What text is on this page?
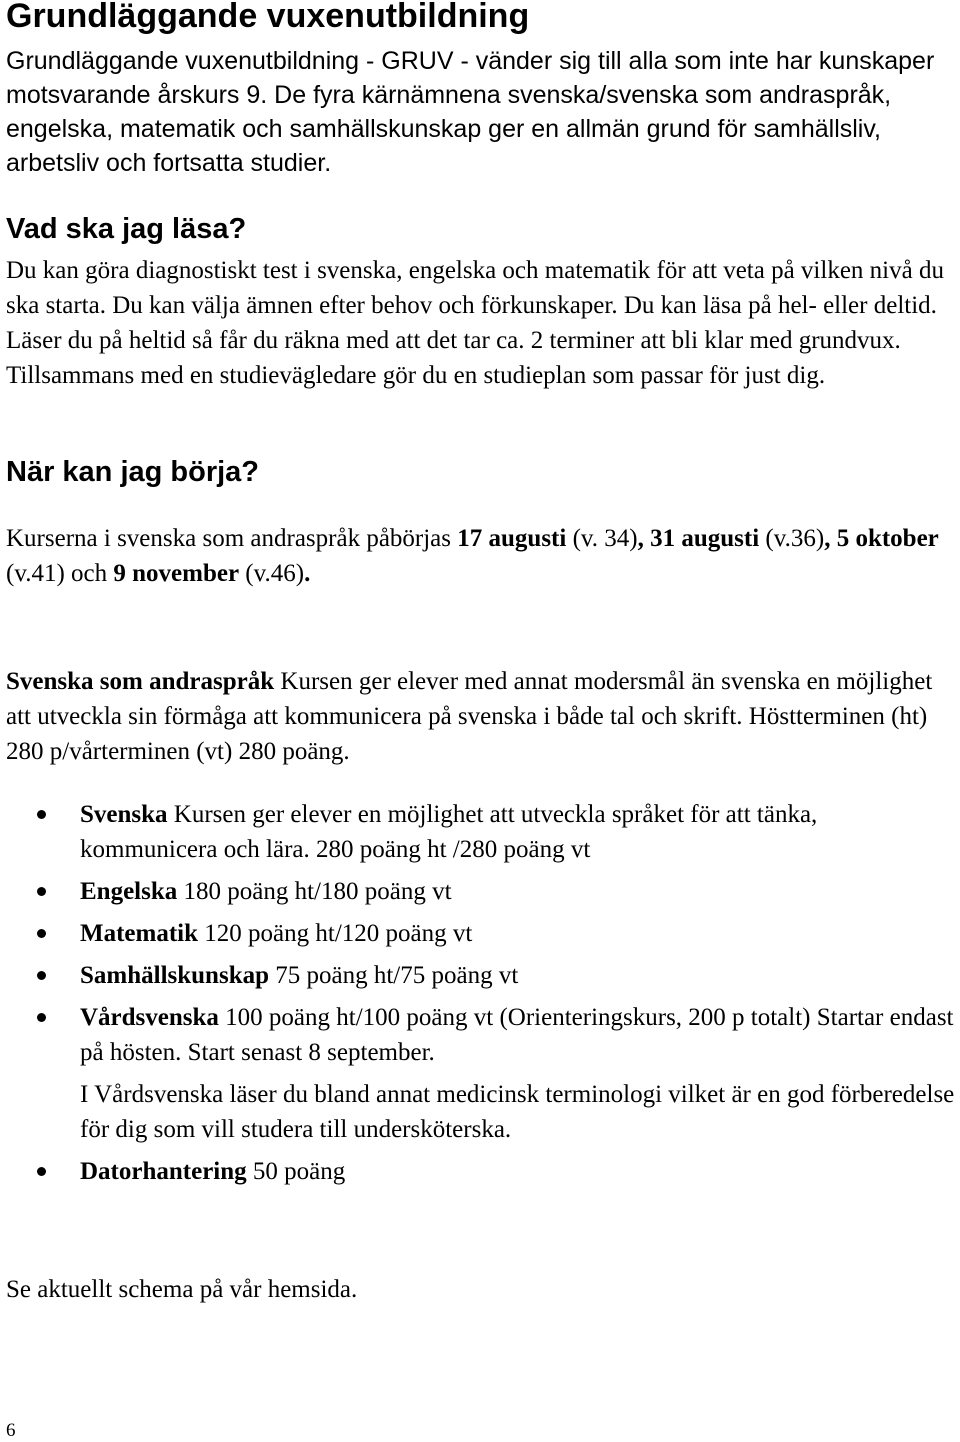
Grundläggande vuxenutbildning

Grundläggande vuxenutbildning - GRUV - vänder sig till alla som inte har kunskaper motsvarande årskurs 9. De fyra kärnämnena svenska/svenska som andraspråk, engelska, matematik och samhällskunskap ger en allmän grund för samhällsliv, arbetsliv och fortsatta studier.

Vad ska jag läsa?

Du kan göra diagnostiskt test i svenska, engelska och matematik för att veta på vilken nivå du ska starta. Du kan välja ämnen efter behov och förkunskaper. Du kan läsa på hel- eller deltid. Läser du på heltid så får du räkna med att det tar ca. 2 terminer att bli klar med grundvux. Tillsammans med en studievägledare gör du en studieplan som passar för just dig.

När kan jag börja?

Kurserna i svenska som andraspråk påbörjas 17 augusti (v. 34), 31 augusti (v.36), 5 oktober (v.41) och 9 november (v.46).

Svenska som andraspråk Kursen ger elever med annat modersmål än svenska en möjlighet att utveckla sin förmåga att kommunicera på svenska i både tal och skrift. Höstterminen (ht) 280 p/vårterminen (vt) 280 poäng.

Svenska Kursen ger elever en möjlighet att utveckla språket för att tänka, kommunicera och lära. 280 poäng ht /280 poäng vt
Engelska 180 poäng ht/180 poäng vt
Matematik 120 poäng ht/120 poäng vt
Samhällskunskap 75 poäng ht/75 poäng vt
Vårdsvenska 100 poäng ht/100 poäng vt (Orienteringskurs, 200 p totalt) Startar endast på hösten. Start senast 8 september.
I Vårdsvenska läser du bland annat medicinsk terminologi vilket är en god förberedelse för dig som vill studera till undersköterska.
Datorhantering 50 poäng

Se aktuellt schema på vår hemsida.

6
